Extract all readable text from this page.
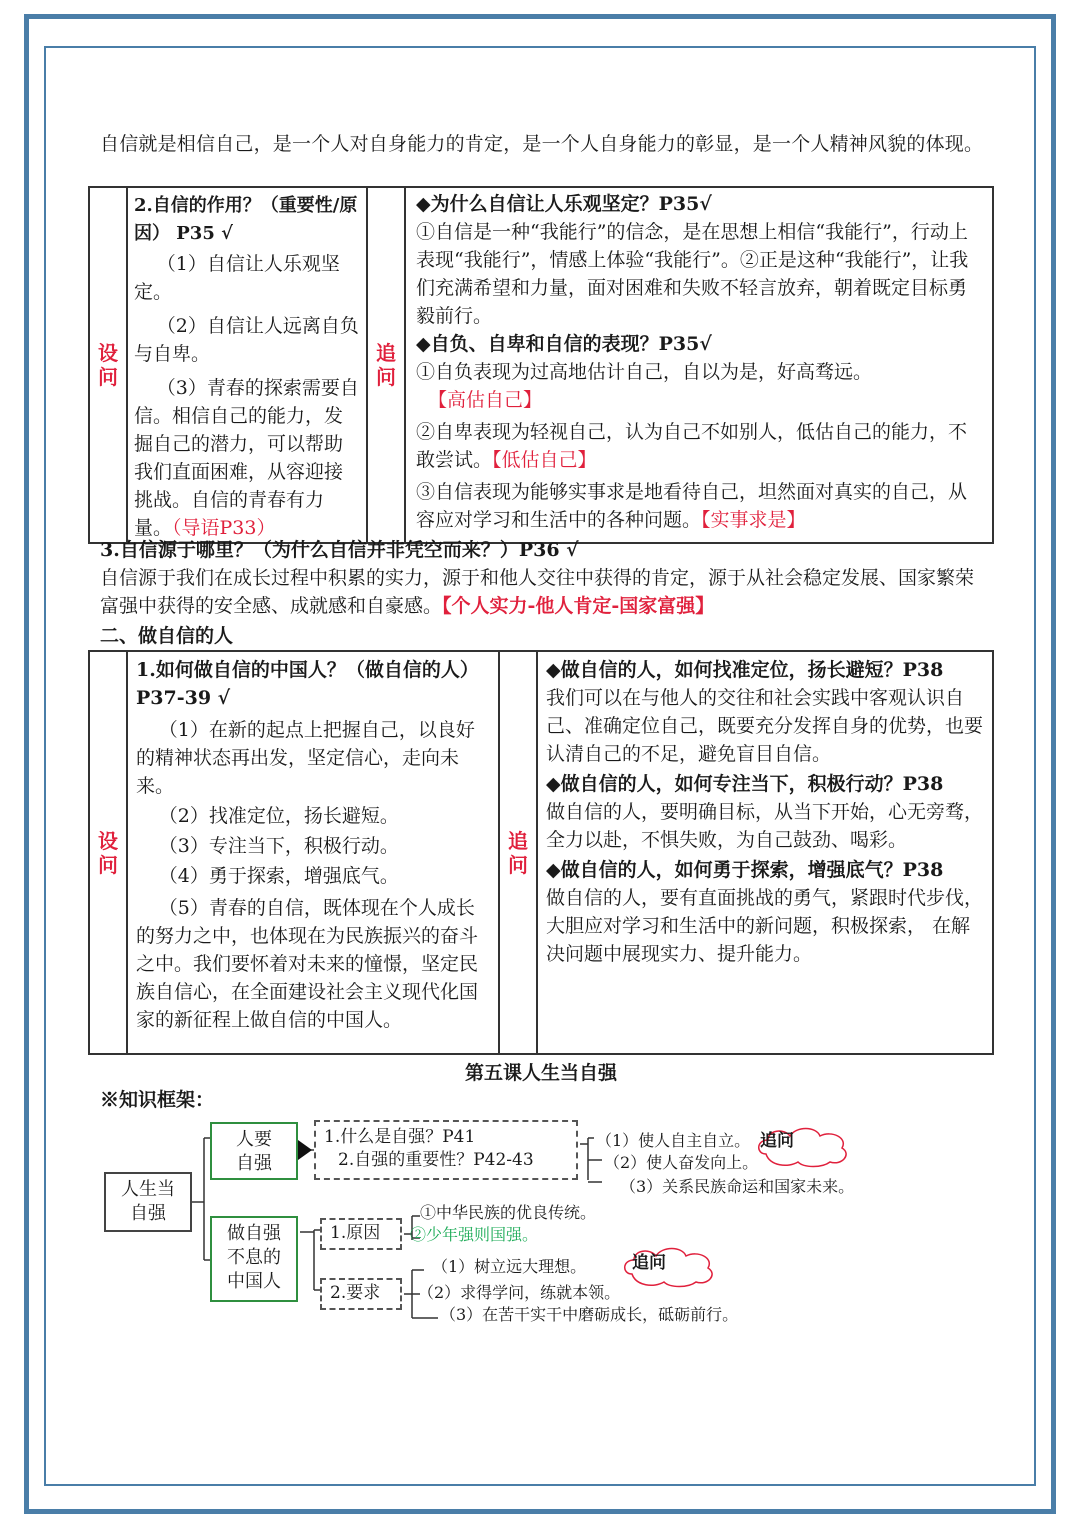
自信就是相信自己，是一个人对自身能力的肯定，是一个人自身能力的彰显，是一个人精神风貌的体现。
设问

2.自信的作用？（重要性/原因） P35 √
（1）自信让人乐观坚定。
（2）自信让人远离自负与自卑。
（3）青春的探索需要自信。相信自己的能力，发掘自己的潜力，可以帮助我们直面困难，从容迎接挑战。自信的青春有力量。（导语P33）

追问

◆为什么自信让人乐观坚定？P35√
①自信是一种“我能行”的信念，是在思想上相信“我能行”，行动上表现“我能行”，情感上体验“我能行”。②正是这种“我能行”，让我们充满希望和力量，面对困难和失败不轻言放弃，朝着既定目标勇毅前行。
◆自负、自卑和自信的表现？P35√
①自负表现为过高地估计自己，自以为是，好高骛远。
【高估自己】
②自卑表现为轻视自己，认为自己不如别人，低估自己的能力，不敢尝试。【低估自己】
③自信表现为能够实事求是地看待自己，坦然面对真实的自己，从容应对学习和生活中的各种问题。【实事求是】
3.自信源于哪里？（为什么自信并非凭空而来？）P36 √
自信源于我们在成长过程中积累的实力，源于和他人交往中获得的肯定，源于从社会稳定发展、国家繁荣富强中获得的安全感、成就感和自豪感。【个人实力-他人肯定-国家富强】
二、做自信的人
设问

1.如何做自信的中国人？（做自信的人）P37-39 √
（1）在新的起点上把握自己，以良好的精神状态再出发，坚定信心，走向未来。
（2）找准定位，扬长避短。
（3）专注当下，积极行动。
（4）勇于探索，增强底气。
（5）青春的自信，既体现在个人成长的努力之中，也体现在为民族振兴的奋斗之中。我们要怀着对未来的憧憬，坚定民族自信心，在全面建设社会主义现代化国家的新征程上做自信的中国人。

追问

◆做自信的人，如何找准定位，扬长避短？P38
我们可以在与他人的交往和社会实践中客观认识自己、准确定位自己，既要充分发挥自身的优势，也要认清自己的不足，避免盲目自信。
◆做自信的人，如何专注当下，积极行动？P38
做自信的人，要明确目标，从当下开始，心无旁骛，全力以赴，不惧失败，为自己鼓劲、喝彩。
◆做自信的人，如何勇于探索，增强底气？P38
做自信的人，要有直面挑战的勇气，紧跟时代步伐，大胆应对学习和生活中的新问题，积极探索， 在解决问题中展现实力、提升能力。
第五课人生当自强
※知识框架：
人生当自强
人要自强
做自强不息的中国人
1.什么是自强？P41
2.自强的重要性？P42-43
（1）使人自主自立。
（2）使人奋发向上。
（3）关系民族命运和国家未来。
追问
1.原因
①中华民族的优良传统。
②少年强则国强。
2.要求
（1）树立远大理想。
（2）求得学问，练就本领。
（3）在苦干实干中磨砺成长，砥砺前行。
追问
